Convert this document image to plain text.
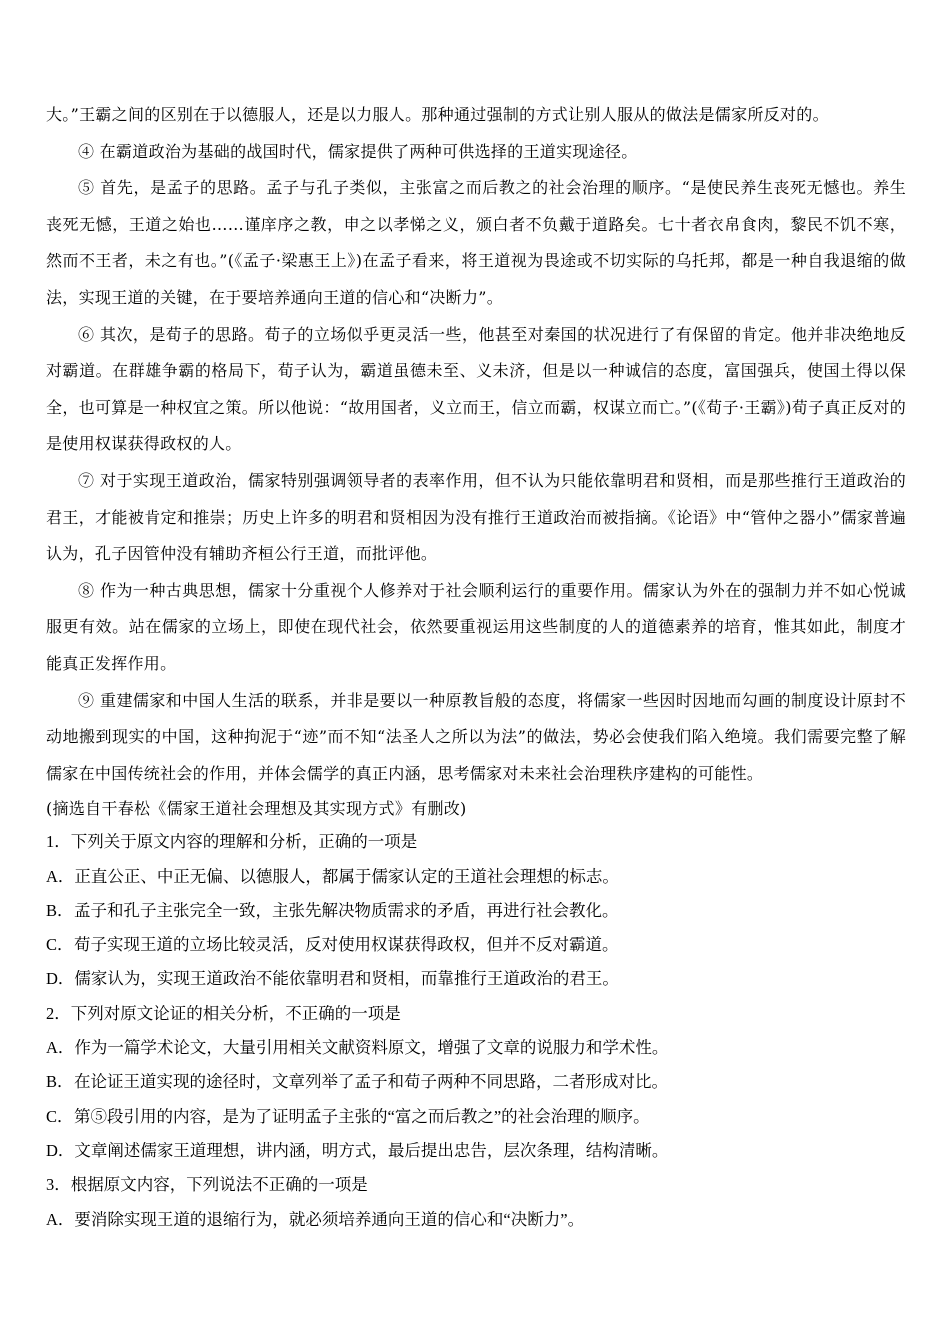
大。”王霸之间的区别在于以德服人，还是以力服人。那种通过强制的方式让别人服从的做法是儒家所反对的。

④ 在霸道政治为基础的战国时代，儒家提供了两种可供选择的王道实现途径。

⑤ 首先，是孟子的思路。孟子与孔子类似，主张富之而后教之的社会治理的顺序。“是使民养生丧死无憾也。养生丧死无憾，王道之始也……谨庠序之教，申之以孝悌之义，颁白者不负戴于道路矣。七十者衣帛食肉，黎民不饥不寒，然而不王者，未之有也。”(《孟子·梁惠王上》)在孟子看来，将王道视为畏途或不切实际的乌托邦，都是一种自我退缩的做法，实现王道的关键，在于要培养通向王道的信心和“决断力”。

⑥ 其次，是荀子的思路。荀子的立场似乎更灵活一些，他甚至对秦国的状况进行了有保留的肯定。他并非决绝地反对霸道。在群雄争霸的格局下，荀子认为，霸道虽德未至、义未济，但是以一种诚信的态度，富国强兵，使国土得以保全，也可算是一种权宜之策。所以他说：“故用国者，义立而王，信立而霸，权谋立而亡。”(《荀子·王霸》)荀子真正反对的是使用权谋获得政权的人。

⑦ 对于实现王道政治，儒家特别强调领导者的表率作用，但不认为只能依靠明君和贤相，而是那些推行王道政治的君王，才能被肯定和推崇；历史上许多的明君和贤相因为没有推行王道政治而被指摘。《论语》中“管仲之器小”儒家普遍认为，孔子因管仲没有辅助齐桓公行王道，而批评他。

⑧ 作为一种古典思想，儒家十分重视个人修养对于社会顺利运行的重要作用。儒家认为外在的强制力并不如心悦诚服更有效。站在儒家的立场上，即使在现代社会，依然要重视运用这些制度的人的道德素养的培育，惟其如此，制度才能真正发挥作用。

⑨ 重建儒家和中国人生活的联系，并非是要以一种原教旨般的态度，将儒家一些因时因地而勾画的制度设计原封不动地搬到现实的中国，这种拘泥于“迹”而不知“法圣人之所以为法”的做法，势必会使我们陷入绝境。我们需要完整了解儒家在中国传统社会的作用，并体会儒学的真正内涵，思考儒家对未来社会治理秩序建构的可能性。

(摘选自干春松《儒家王道社会理想及其实现方式》有删改)

1．下列关于原文内容的理解和分析，正确的一项是

A．正直公正、中正无偏、以德服人，都属于儒家认定的王道社会理想的标志。

B．孟子和孔子主张完全一致，主张先解决物质需求的矛盾，再进行社会教化。

C．荀子实现王道的立场比较灵活，反对使用权谋获得政权，但并不反对霸道。

D．儒家认为，实现王道政治不能依靠明君和贤相，而靠推行王道政治的君王。

2．下列对原文论证的相关分析，不正确的一项是

A．作为一篇学术论文，大量引用相关文献资料原文，增强了文章的说服力和学术性。

B．在论证王道实现的途径时，文章列举了孟子和荀子两种不同思路，二者形成对比。

C．第⑤段引用的内容，是为了证明孟子主张的“富之而后教之”的社会治理的顺序。

D．文章阐述儒家王道理想，讲内涵，明方式，最后提出忠告，层次条理，结构清晰。

3．根据原文内容，下列说法不正确的一项是

A．要消除实现王道的退缩行为，就必须培养通向王道的信心和“决断力”。
